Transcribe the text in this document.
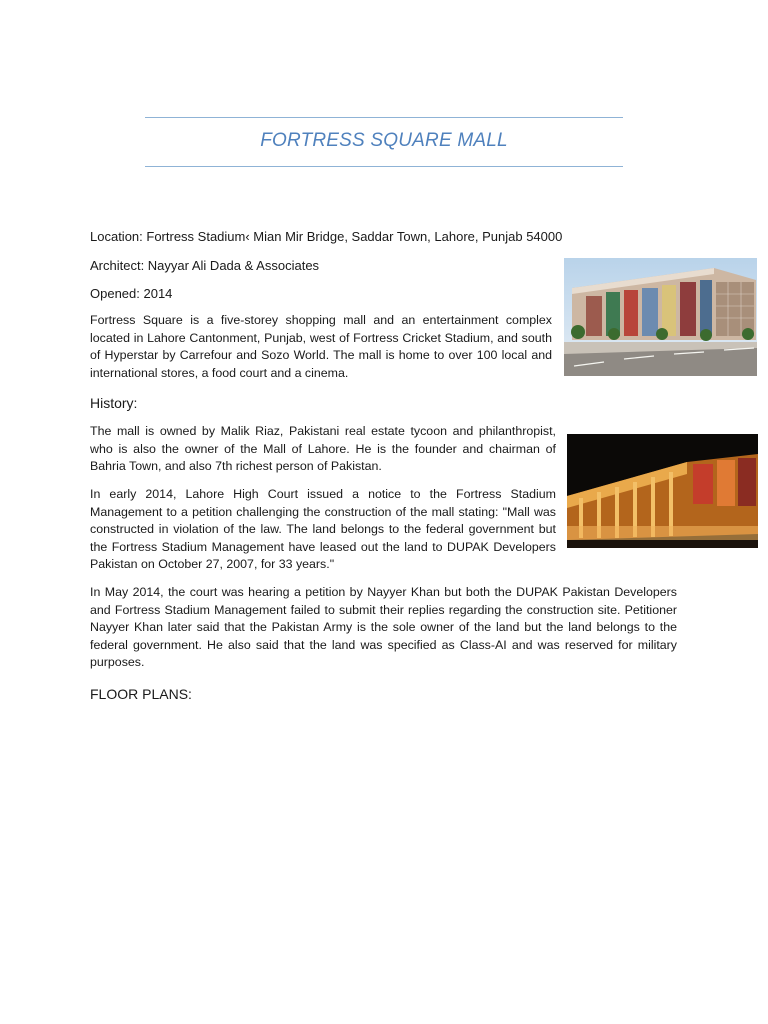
FORTRESS SQUARE MALL
Location: Fortress Stadium‹ Mian Mir Bridge, Saddar Town, Lahore, Punjab 54000
Architect: Nayyar Ali Dada & Associates
Opened: 2014

Fortress Square is a five-storey shopping mall and an entertainment complex located in Lahore Cantonment, Punjab, west of Fortress Cricket Stadium, and south of Hyperstar by Carrefour and Sozo World. The mall is home to over 100 local and international stores, a food court and a cinema.

History:

The mall is owned by Malik Riaz, Pakistani real estate tycoon and philanthropist, who is also the owner of the Mall of Lahore. He is the founder and chairman of Bahria Town, and also 7th richest person of Pakistan.

In early 2014, Lahore High Court issued a notice to the Fortress Stadium Management to a petition challenging the construction of the mall stating: "Mall was constructed in violation of the law. The land belongs to the federal government but the Fortress Stadium Management have leased out the land to DUPAK Developers Pakistan on October 27, 2007, for 33 years."

In May 2014, the court was hearing a petition by Nayyer Khan but both the DUPAK Pakistan Developers and Fortress Stadium Management failed to submit their replies regarding the construction site. Petitioner Nayyer Khan later said that the Pakistan Army is the sole owner of the land but the land belongs to the federal government. He also said that the land was specified as Class-AI and was reserved for military purposes.

FLOOR PLANS:
